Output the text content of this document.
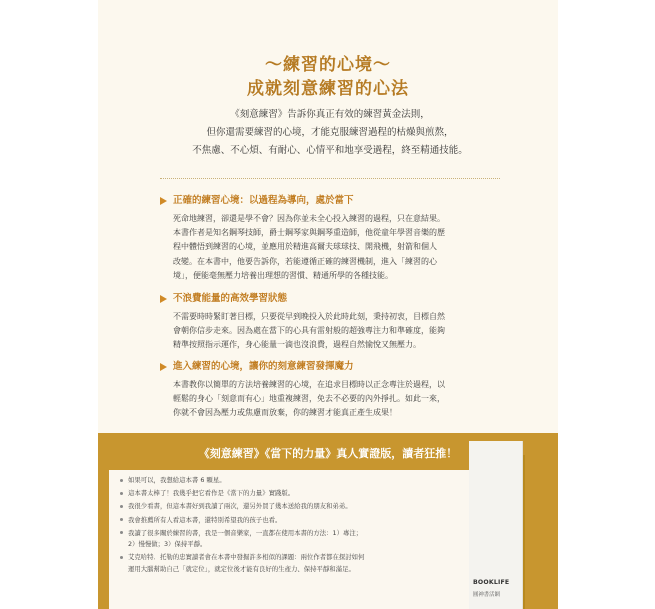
～練習的心境～
成就刻意練習的心法
《刻意練習》告訴你真正有效的練習黃金法則，
但你還需要練習的心境，才能克服練習過程的枯燥與煎熬，
不焦慮、不心煩、有耐心、心情平和地享受過程，終至精通技能。
正確的練習心境：以過程為導向，處於當下
死命地練習，卻還是學不會？因為你並未全心投入練習的過程，只在意結果。
本書作者是知名鋼琴技師，爵士鋼琴家與鋼琴重造師，他從童年學習音樂的歷
程中體悟到練習的心境，並應用於精進高爾夫球球技、開飛機，射箭和個人
改變。在本書中，他要告訴你，若能遵循正確的練習機制，進入「練習的心
境」，便能毫無壓力培養出理想的習慣、精通所學的各種技能。
不浪費能量的高效學習狀態
不需要時時緊盯著目標，只要從早到晚投入於此時此刻，秉持初衷，目標自然
會朝你信步走來。因為處在當下的心具有雷射般的超強專注力和準確度，能夠
精準按照指示運作，身心能量一滴也沒浪費，過程自然愉悅又無壓力。
進入練習的心境，讓你的刻意練習發揮魔力
本書教你以簡單的方法培養練習的心境，在追求目標時以正念專注於過程，以
輕鬆的身心「刻意而有心」地重複練習，免去不必要的內外掙扎。如此一來，
你就不會因為壓力或焦慮而放棄，你的練習才能真正產生成果！
《刻意練習》《當下的力量》真人實證版，讀者狂推！
如果可以，我想給這本書 6 顆星。
這本書太棒了！我幾乎把它看作是《當下的力量》實踐版。
我很少看書，但這本書好到我讀了兩次，還另外買了幾本送給我的朋友和弟弟。
我會推薦所有人看這本書，還特別希望我的孩子也看。
我讀了很多關於練習的書，我是一個音樂家，一直都在使用本書的方法：1）專注；
2）慢慢做；3）保持平靜。
艾克哈特．托勒的忠實讀者會在本書中發掘許多相似的課題：兩位作者都在探討如何
運用大腦幫助自己「就定位」，就定位後才能有良好的生產力、保持平靜和滿足。
BOOKLIFE
圓神書活網
